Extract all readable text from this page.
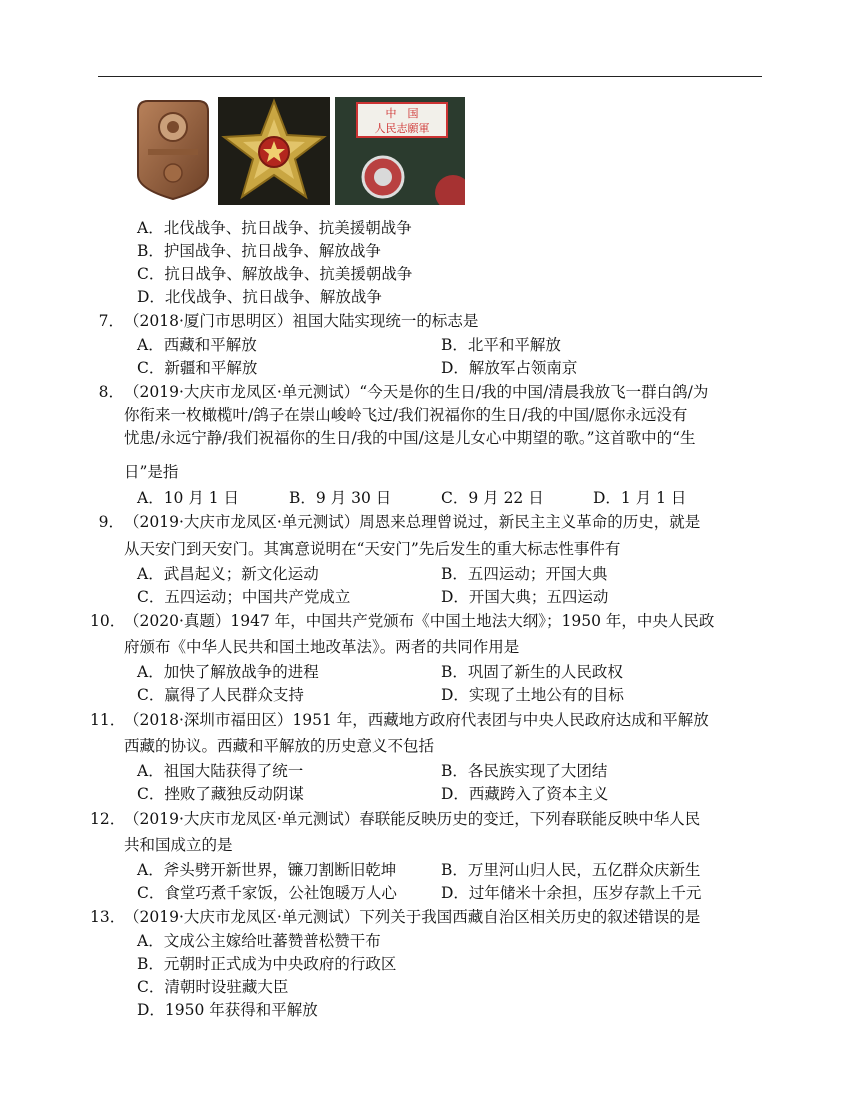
中　国
人民志願軍
A．北伐战争、抗日战争、抗美援朝战争
B．护国战争、抗日战争、解放战争
C．抗日战争、解放战争、抗美援朝战争
D．北伐战争、抗日战争、解放战争
7． （2018·厦门市思明区）祖国大陆实现统一的标志是
A．西藏和平解放	B．北平和平解放
C．新疆和平解放	D．解放军占领南京
8． （2019·大庆市龙凤区·单元测试）“今天是你的生日/我的中国/清晨我放飞一群白鸽/为
你衔来一枚橄榄叶/鸽子在崇山峻岭飞过/我们祝福你的生日/我的中国/愿你永远没有
忧患/永远宁静/我们祝福你的生日/我的中国/这是儿女心中期望的歌。”这首歌中的“生
日”是指
A．10 月 1 日	B．9 月 30 日	C．9 月 22 日	D．1 月 1 日
9． （2019·大庆市龙凤区·单元测试）周恩来总理曾说过，新民主主义革命的历史，就是
从天安门到天安门。其寓意说明在“天安门”先后发生的重大标志性事件有
A．武昌起义；新文化运动	B．五四运动；开国大典
C．五四运动；中国共产党成立	D．开国大典；五四运动
10．
（2020·真题）1947 年，中国共产党颁布《中国土地法大纲》；1950 年，中央人民政
府颁布《中华人民共和国土地改革法》。两者的共同作用是
A．加快了解放战争的进程	B．巩固了新生的人民政权
C．赢得了人民群众支持	D．实现了土地公有的目标
11．
（2018·深圳市福田区）1951 年，西藏地方政府代表团与中央人民政府达成和平解放
西藏的协议。西藏和平解放的历史意义不包括
A．祖国大陆获得了统一	B．各民族实现了大团结
C．挫败了藏独反动阴谋	D．西藏跨入了资本主义
12．
（2019·大庆市龙凤区·单元测试）春联能反映历史的变迁，下列春联能反映中华人民
共和国成立的是
A．斧头劈开新世界，镰刀割断旧乾坤	B．万里河山归人民，五亿群众庆新生
C．食堂巧煮千家饭，公社饱暖万人心	D．过年储米十余担，压岁存款上千元
13．
（2019·大庆市龙凤区·单元测试）下列关于我国西藏自治区相关历史的叙述错误的是
A．文成公主嫁给吐蕃赞普松赞干布
B．元朝时正式成为中央政府的行政区
C．清朝时设驻藏大臣
D．1950 年获得和平解放
